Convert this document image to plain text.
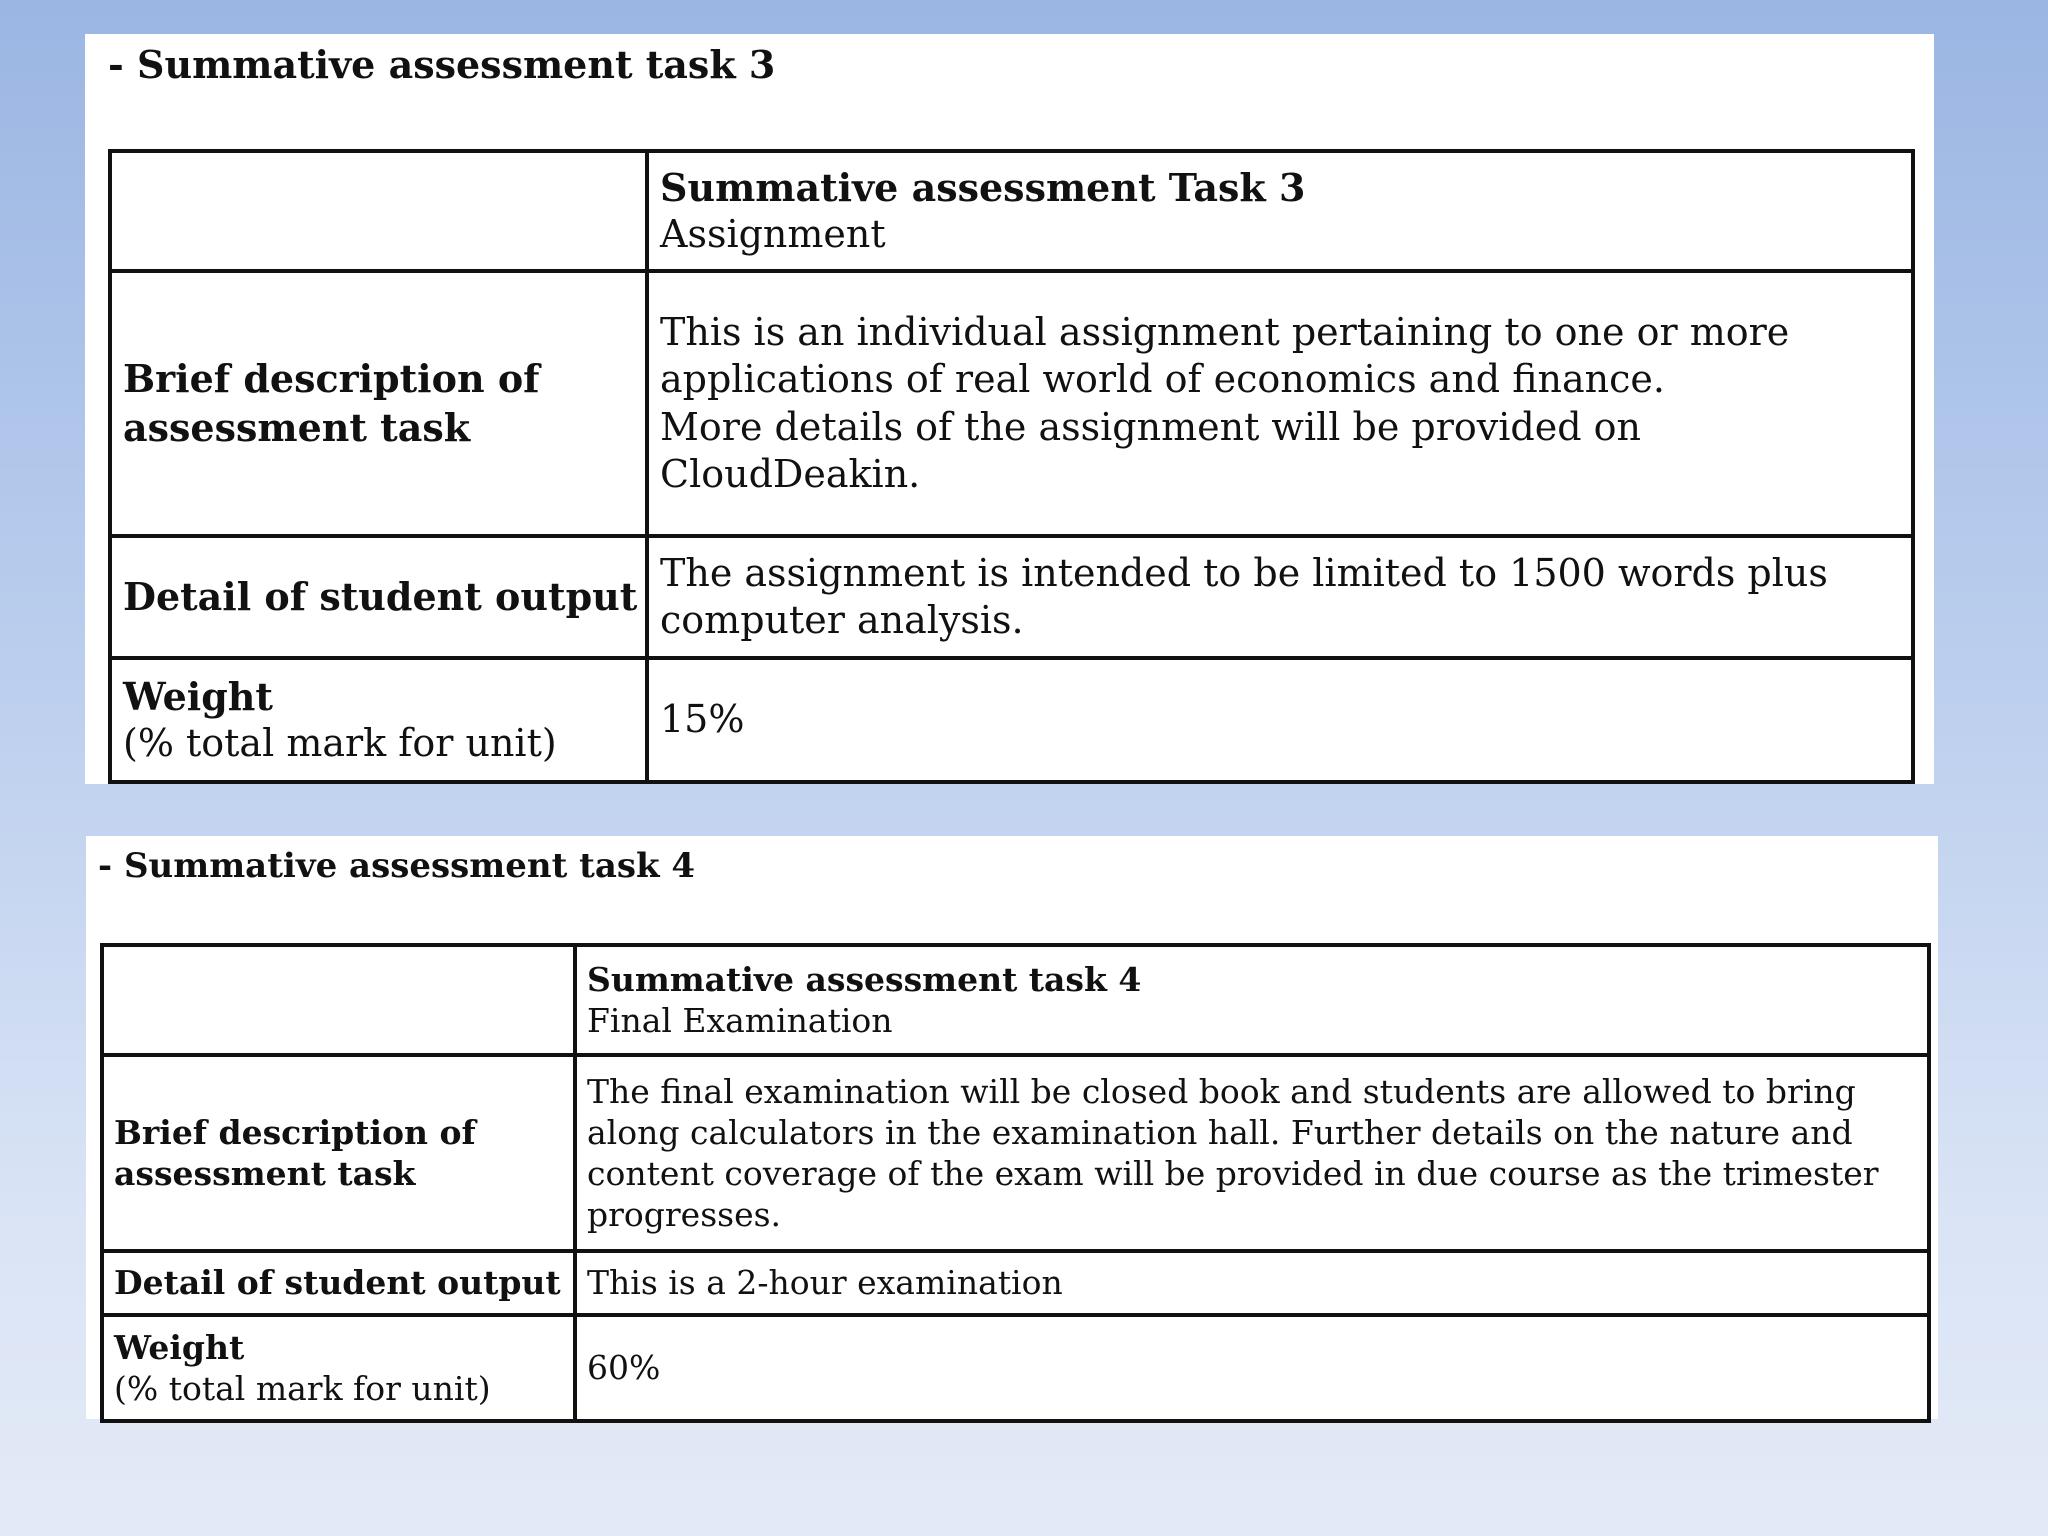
- Summative assessment task 3

	Summative assessment Task 3
Assignment

Brief description of assessment task	This is an individual assignment pertaining to one or more applications of real world of economics and finance.
More details of the assignment will be provided on CloudDeakin.

Detail of student output	The assignment is intended to be limited to 1500 words plus computer analysis.

Weight
(% total mark for unit)	15%
- Summative assessment task 4

	Summative assessment task 4
Final Examination

Brief description of assessment task	The final examination will be closed book and students are allowed to bring along calculators in the examination hall. Further details on the nature and content coverage of the exam will be provided in due course as the trimester progresses.
Detail of student output	This is a 2-hour examination

Weight
(% total mark for unit)	60%
